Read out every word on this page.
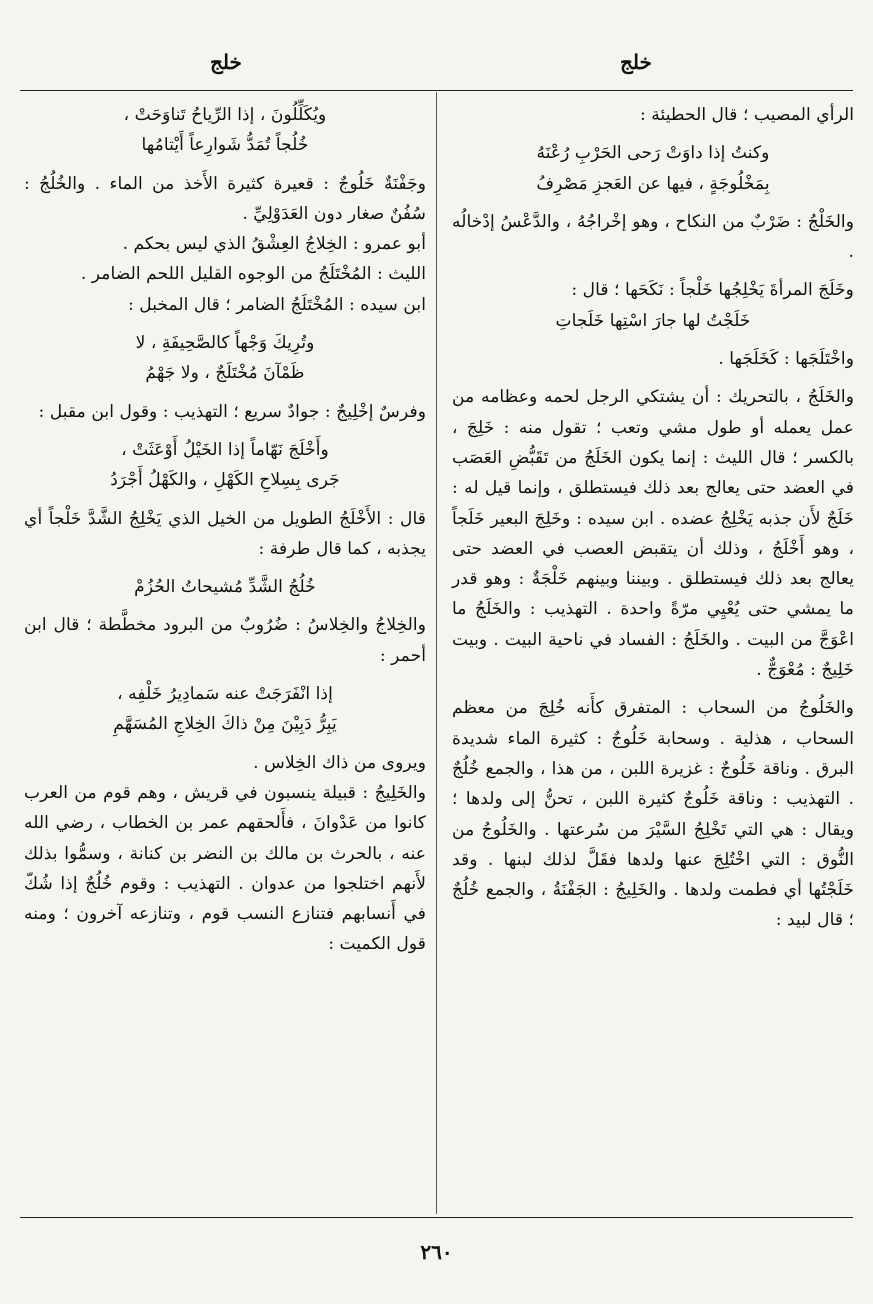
خلج
خلج

الرأي المصيب ؛ قال الحطيئة :

وكنتُ إذا داوَتْ رَحى الحَرْبِ رُعْنَهُ

بِمَخْلُوجَةٍ ، فيها عن العَجزِ مَصْرِفُ

والخَلْجُ : ضَرْبٌ من النكاح ، وهو إخْراجُهُ ، والدَّعْسُ إدْخالُه .

وخَلَجَ المرأةَ يَخْلِجُها خَلْجاً : نَكَحَها ؛ قال :

خَلَجْتُ لها جارَ اسْتِها خَلَجاتِ

واخْتَلَجَها : كَخَلَجَها .

والخَلَجُ ، بالتحريك : أن يشتكي الرجل لحمه وعظامه من عمل يعمله أو طول مشي وتعب ؛ تقول منه : خَلِجَ ، بالكسر ؛ قال الليث : إنما يكون الخَلَجُ من تَقَبُّضِ العَصَب في العضد حتى يعالج بعد ذلك فيستطلق ، وإنما قيل له : خَلَجٌ لأَن جذبه يَخْلِجُ عضده . ابن سيده : وخَلِجَ البعير خَلَجاً ، وهو أَخْلَجُ ، وذلك أن يتقبض العصب في العضد حتى يعالج بعد ذلك فيستطلق . وبيننا وبينهم خَلْجَةٌ : وهو قدر ما يمشي حتى يُعْيِي مرّةً واحدة . التهذيب : والخَلَجُ ما اعْوَجَّ من البيت . والخَلَجُ : الفساد في ناحية البيت . وبيت خَلِيجٌ : مُعْوَجٌّ .

والخَلُوجُ من السحاب : المتفرق كأَنه خُلِجَ من معظم السحاب ، هذلية . وسحابة خَلُوجٌ : كثيرة الماء شديدة البرق . وناقة خَلُوجٌ : غزيرة اللبن ، من هذا ، والجمع خُلُجٌ . التهذيب : وناقة خَلُوجٌ كثيرة اللبن ، تحنُّ إلى ولدها ؛ ويقال : هي التي تَخْلِجُ السَّيْرَ من سُرعتها . والخَلُوجُ من النُّوق : التي اخْتُلِجَ عنها ولدها فقَلَّ لذلك لبنها . وقد خَلَجْتُها أي فطمت ولدها . والخَلِيجُ : الجَفْنَةُ ، والجمع خُلُجٌ ؛ قال لبيد :

ويُكَلِّلُونَ ، إذا الرِّياحُ تَناوَحَتْ ،

خُلُجاً تُمَدُّ شَوارِعاً أَيْتامُها

وجَفْنَةٌ خَلُوجٌ : قعيرة كثيرة الأَخذ من الماء . والخُلُجُ : سُفُنٌ صغار دون العَدَوْلِيِّ .

أبو عمرو : الخِلاجُ العِشْقُ الذي ليس بحكم .

الليث : المُخْتَلَجُ من الوجوه القليل اللحم الضامر .

ابن سيده : المُخْتَلَجُ الضامر ؛ قال المخبل :

وتُرِيكَ وَجْهاً كالصَّحِيفَةِ ، لا

ظَمْآنَ مُخْتَلَجٌ ، ولا جَهْمُ

وفرسٌ إخْلِيجٌ : جوادٌ سريع ؛ التهذيب : وقول ابن مقبل :

وأَخْلَجَ نَهّاماً إذا الخَيْلُ أَوْعَثَتْ ،

جَرى بِسِلاحِ الكَهْلِ ، والكَهْلُ أَجْرَدُ

قال : الأَخْلَجُ الطويل من الخيل الذي يَخْلِجُ الشَّدَّ خَلْجاً أي يجذبه ، كما قال طرفة :

خُلُجُ الشَّدِّ مُشيحاتُ الحُزُمْ

والخِلاجُ والخِلاسُ : ضُرُوبٌ من البرود مخطَّطة ؛ قال ابن أحمر :

إذا انْفَرَجَتْ عنه سَمادِيرُ خَلْفِه ،

يَبِرُّ دَبِيْنَ مِنْ ذاكَ الخِلاجِ المُسَهَّمِ

ويروى من ذاك الخِلاس .

والخَلِيجُ : قبيلة ينسبون في قريش ، وهم قوم من العرب كانوا من عَدْوانَ ، فأَلحقهم عمر بن الخطاب ، رضي الله عنه ، بالحرث بن مالك بن النضر بن كنانة ، وسمُّوا بذلك لأَنهم اختلجوا من عدوان . التهذيب : وقوم خُلُجٌ إذا شُكّ في أَنسابهم فتنازع النسب قوم ، وتنازعه آخرون ؛ ومنه قول الكميت :

٢٦٠
